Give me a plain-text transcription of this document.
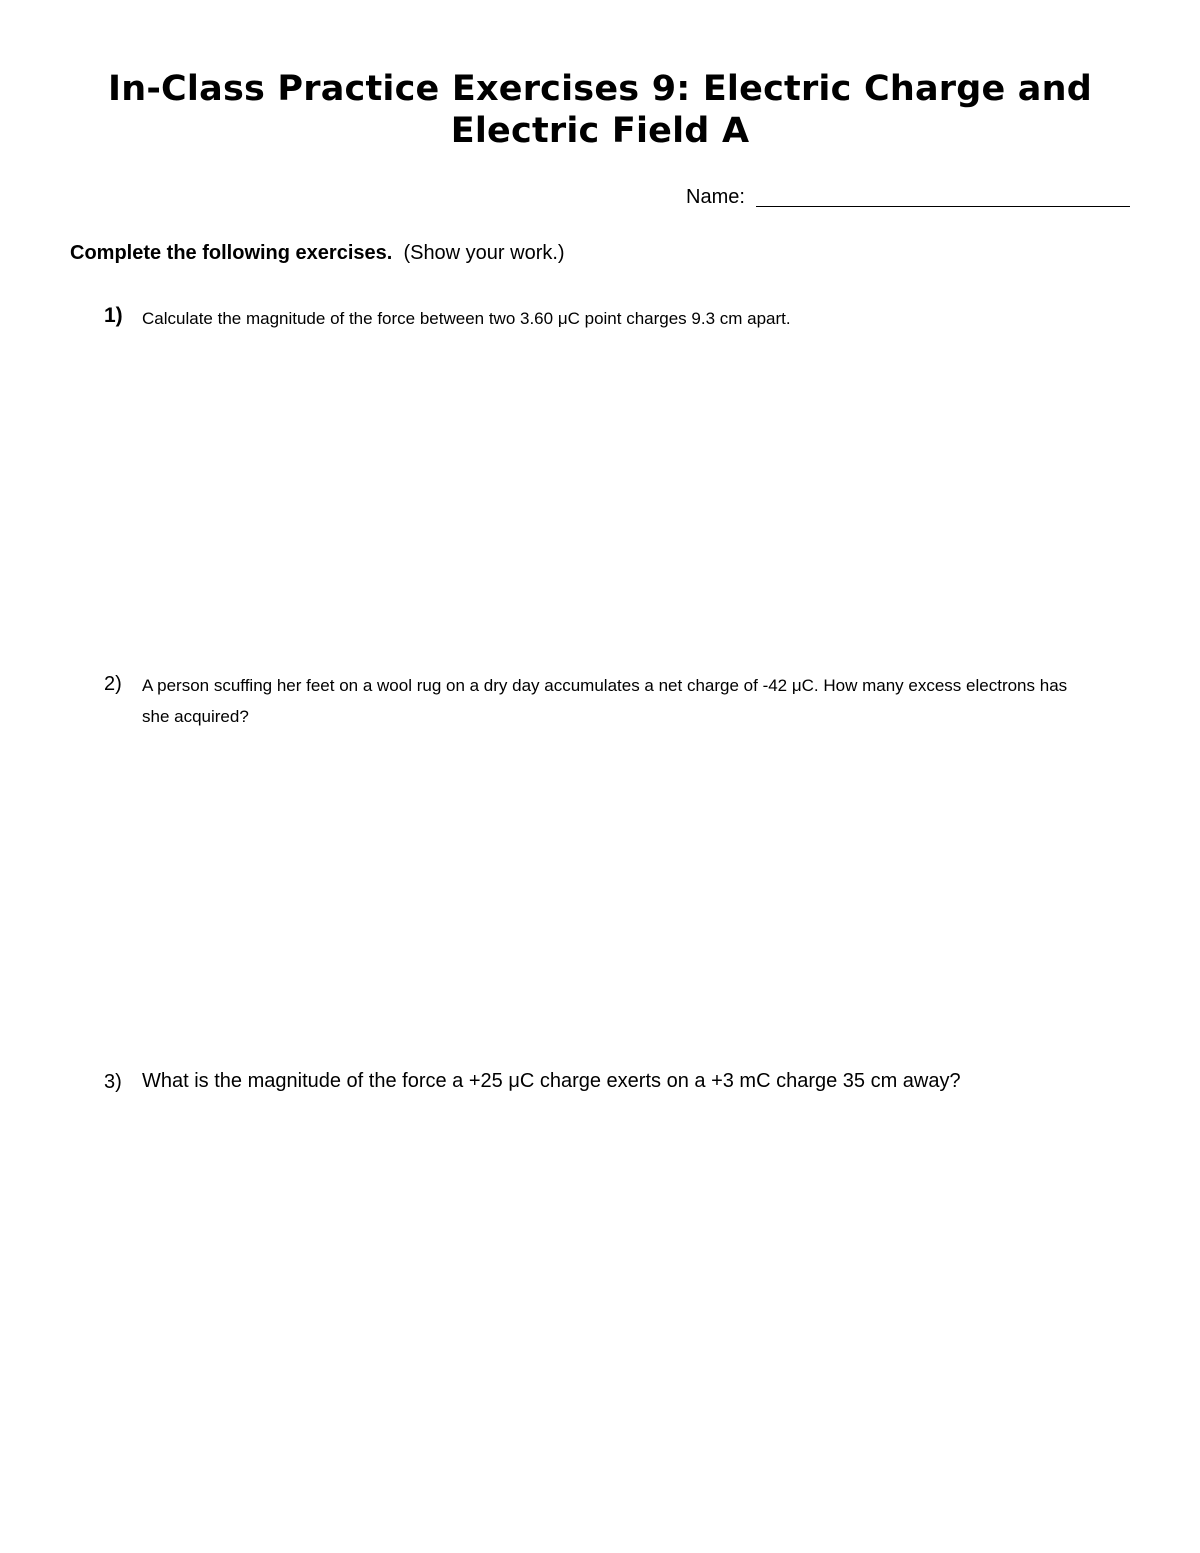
In-Class Practice Exercises 9: Electric Charge and
Electric Field A
Name:
Complete the following exercises. (Show your work.)
1) Calculate the magnitude of the force between two 3.60 μC point charges 9.3 cm apart.
2) A person scuffing her feet on a wool rug on a dry day accumulates a net charge of -42 μC. How many excess electrons has she acquired?
3) What is the magnitude of the force a +25 μC charge exerts on a +3 mC charge 35 cm away?
